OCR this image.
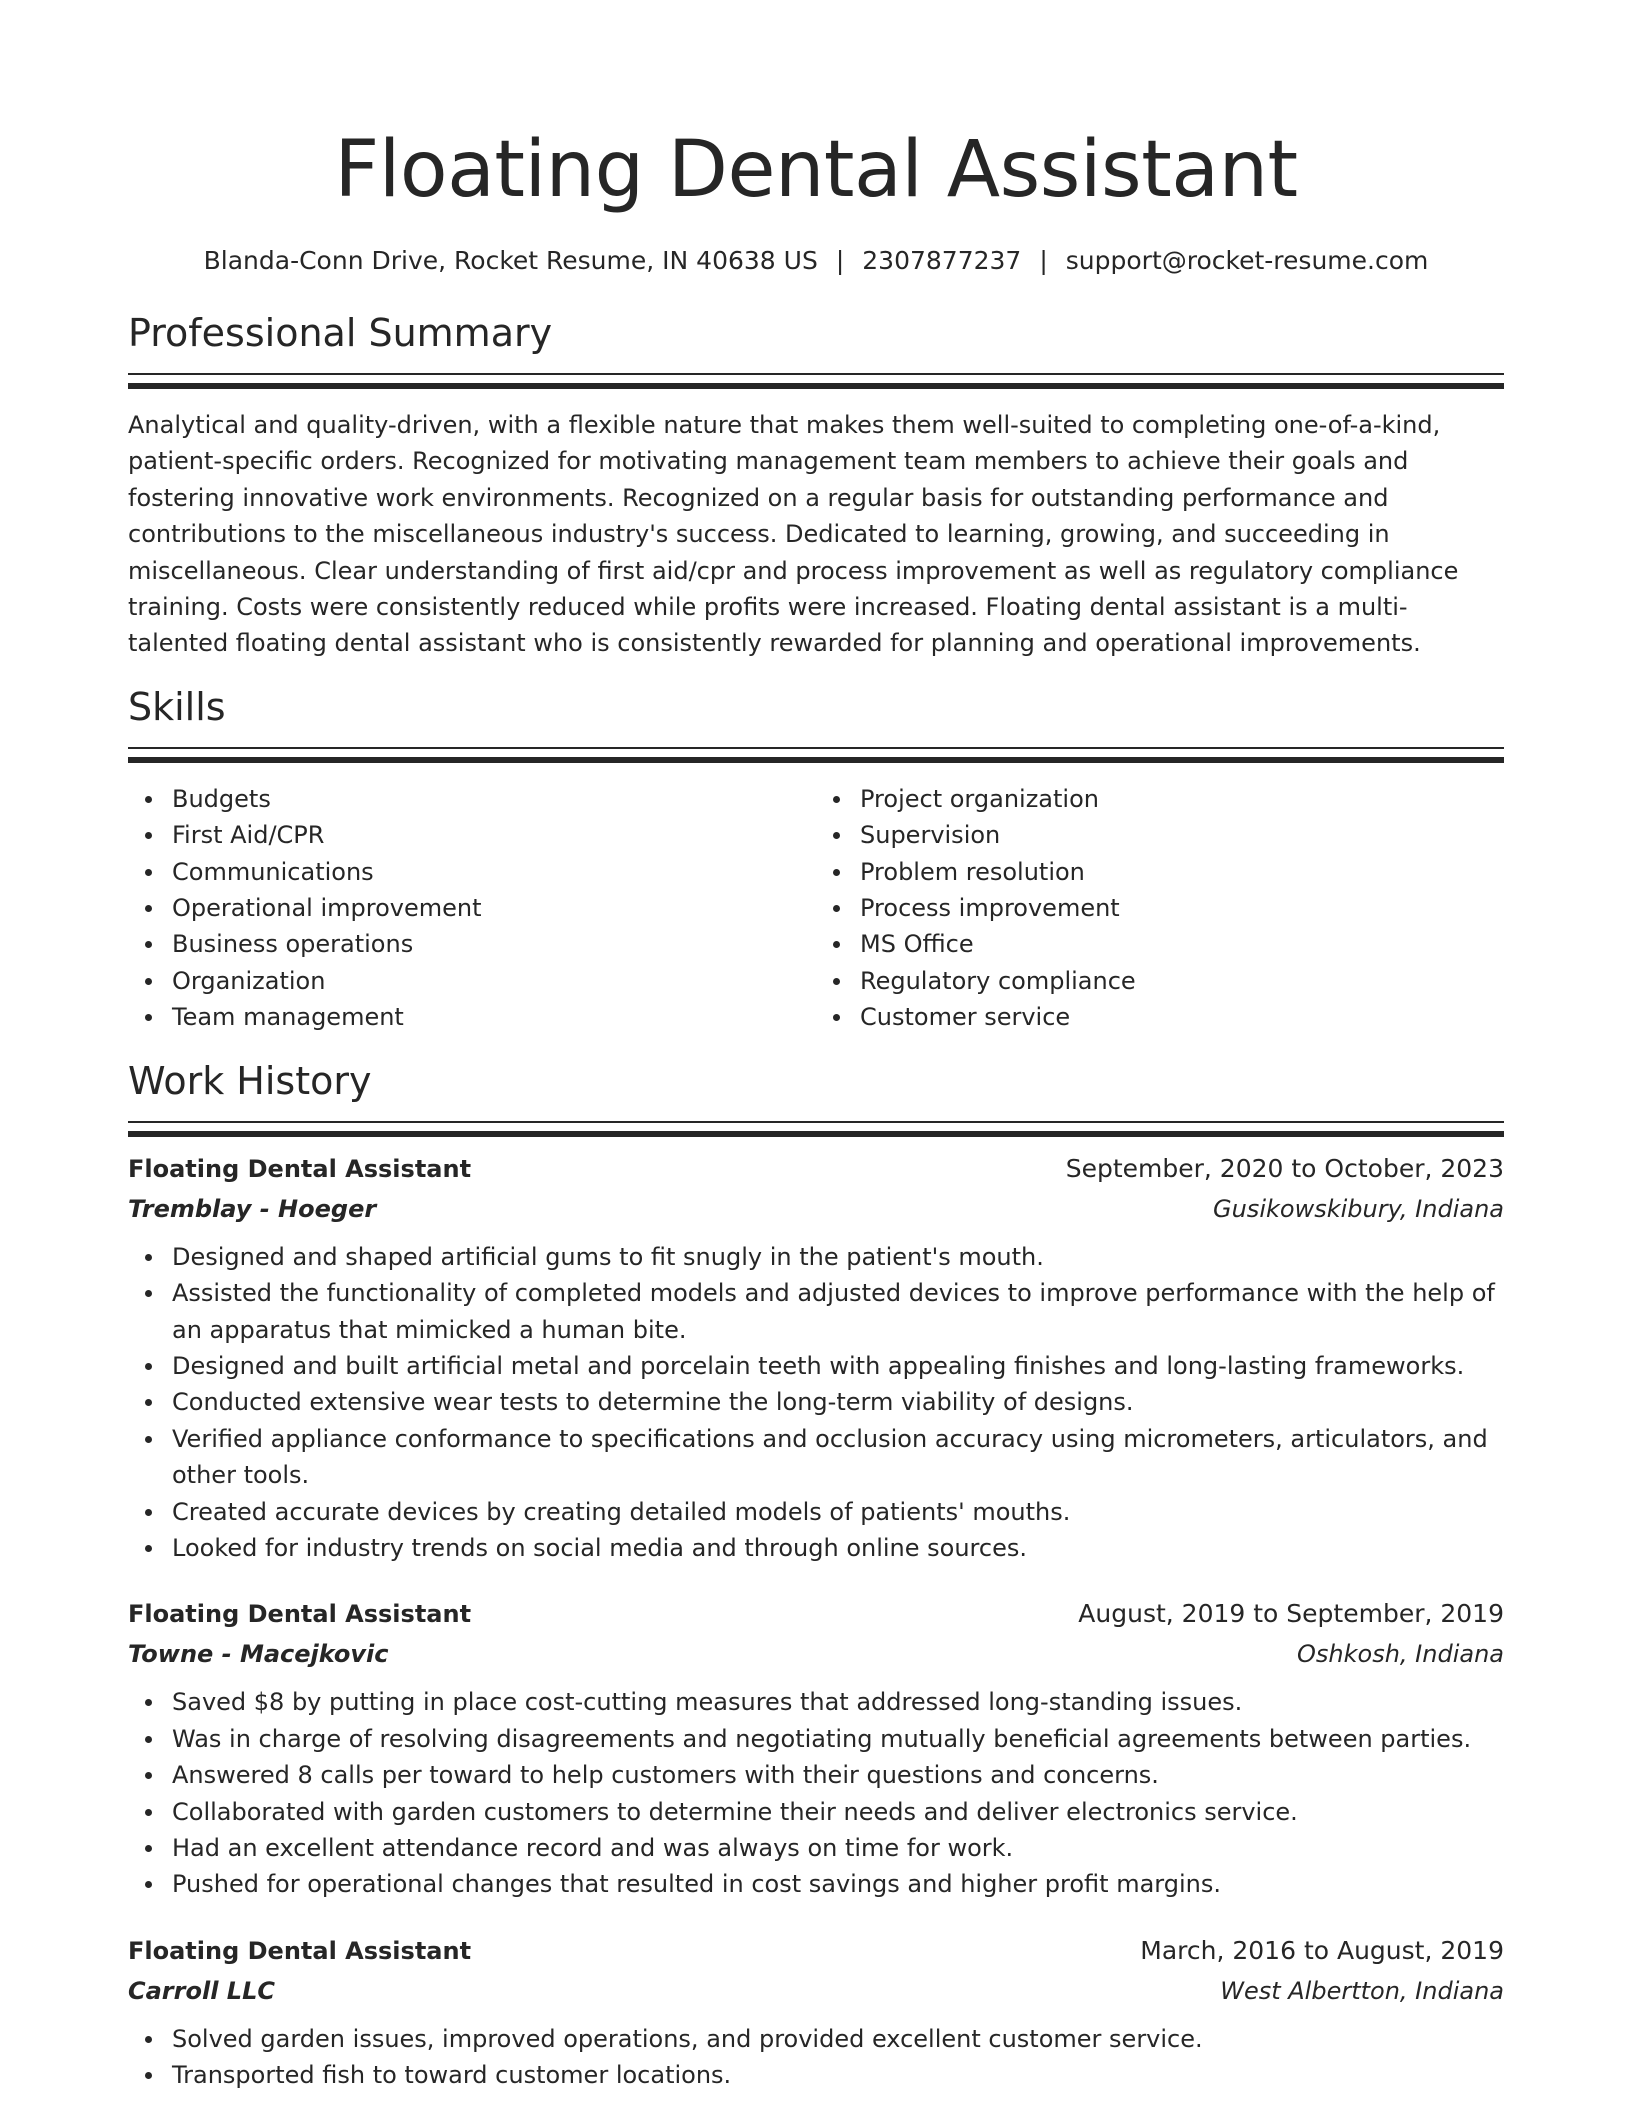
Floating Dental Assistant
Blanda-Conn Drive, Rocket Resume, IN 40638 US | 2307877237 | support@rocket-resume.com
Professional Summary

Analytical and quality-driven, with a flexible nature that makes them well-suited to completing one-of-a-kind, patient-specific orders. Recognized for motivating management team members to achieve their goals and fostering innovative work environments. Recognized on a regular basis for outstanding performance and contributions to the miscellaneous industry's success. Dedicated to learning, growing, and succeeding in miscellaneous. Clear understanding of first aid/cpr and process improvement as well as regulatory compliance training. Costs were consistently reduced while profits were increased. Floating dental assistant is a multi-talented floating dental assistant who is consistently rewarded for planning and operational improvements.

Skills
Budgets
First Aid/CPR
Communications
Operational improvement
Business operations
Organization
Team management
Project organization
Supervision
Problem resolution
Process improvement
MS Office
Regulatory compliance
Customer service
Work History
Floating Dental Assistant	September, 2020 to October, 2023
Tremblay - Hoeger	Gusikowskibury, Indiana
Designed and shaped artificial gums to fit snugly in the patient's mouth.
Assisted the functionality of completed models and adjusted devices to improve performance with the help of an apparatus that mimicked a human bite.
Designed and built artificial metal and porcelain teeth with appealing finishes and long-lasting frameworks.
Conducted extensive wear tests to determine the long-term viability of designs.
Verified appliance conformance to specifications and occlusion accuracy using micrometers, articulators, and other tools.
Created accurate devices by creating detailed models of patients' mouths.
Looked for industry trends on social media and through online sources.
Floating Dental Assistant	August, 2019 to September, 2019
Towne - Macejkovic	Oshkosh, Indiana
Saved $8 by putting in place cost-cutting measures that addressed long-standing issues.
Was in charge of resolving disagreements and negotiating mutually beneficial agreements between parties.
Answered 8 calls per toward to help customers with their questions and concerns.
Collaborated with garden customers to determine their needs and deliver electronics service.
Had an excellent attendance record and was always on time for work.
Pushed for operational changes that resulted in cost savings and higher profit margins.
Floating Dental Assistant	March, 2016 to August, 2019
Carroll LLC	West Albertton, Indiana
Solved garden issues, improved operations, and provided excellent customer service.
Transported fish to toward customer locations.
